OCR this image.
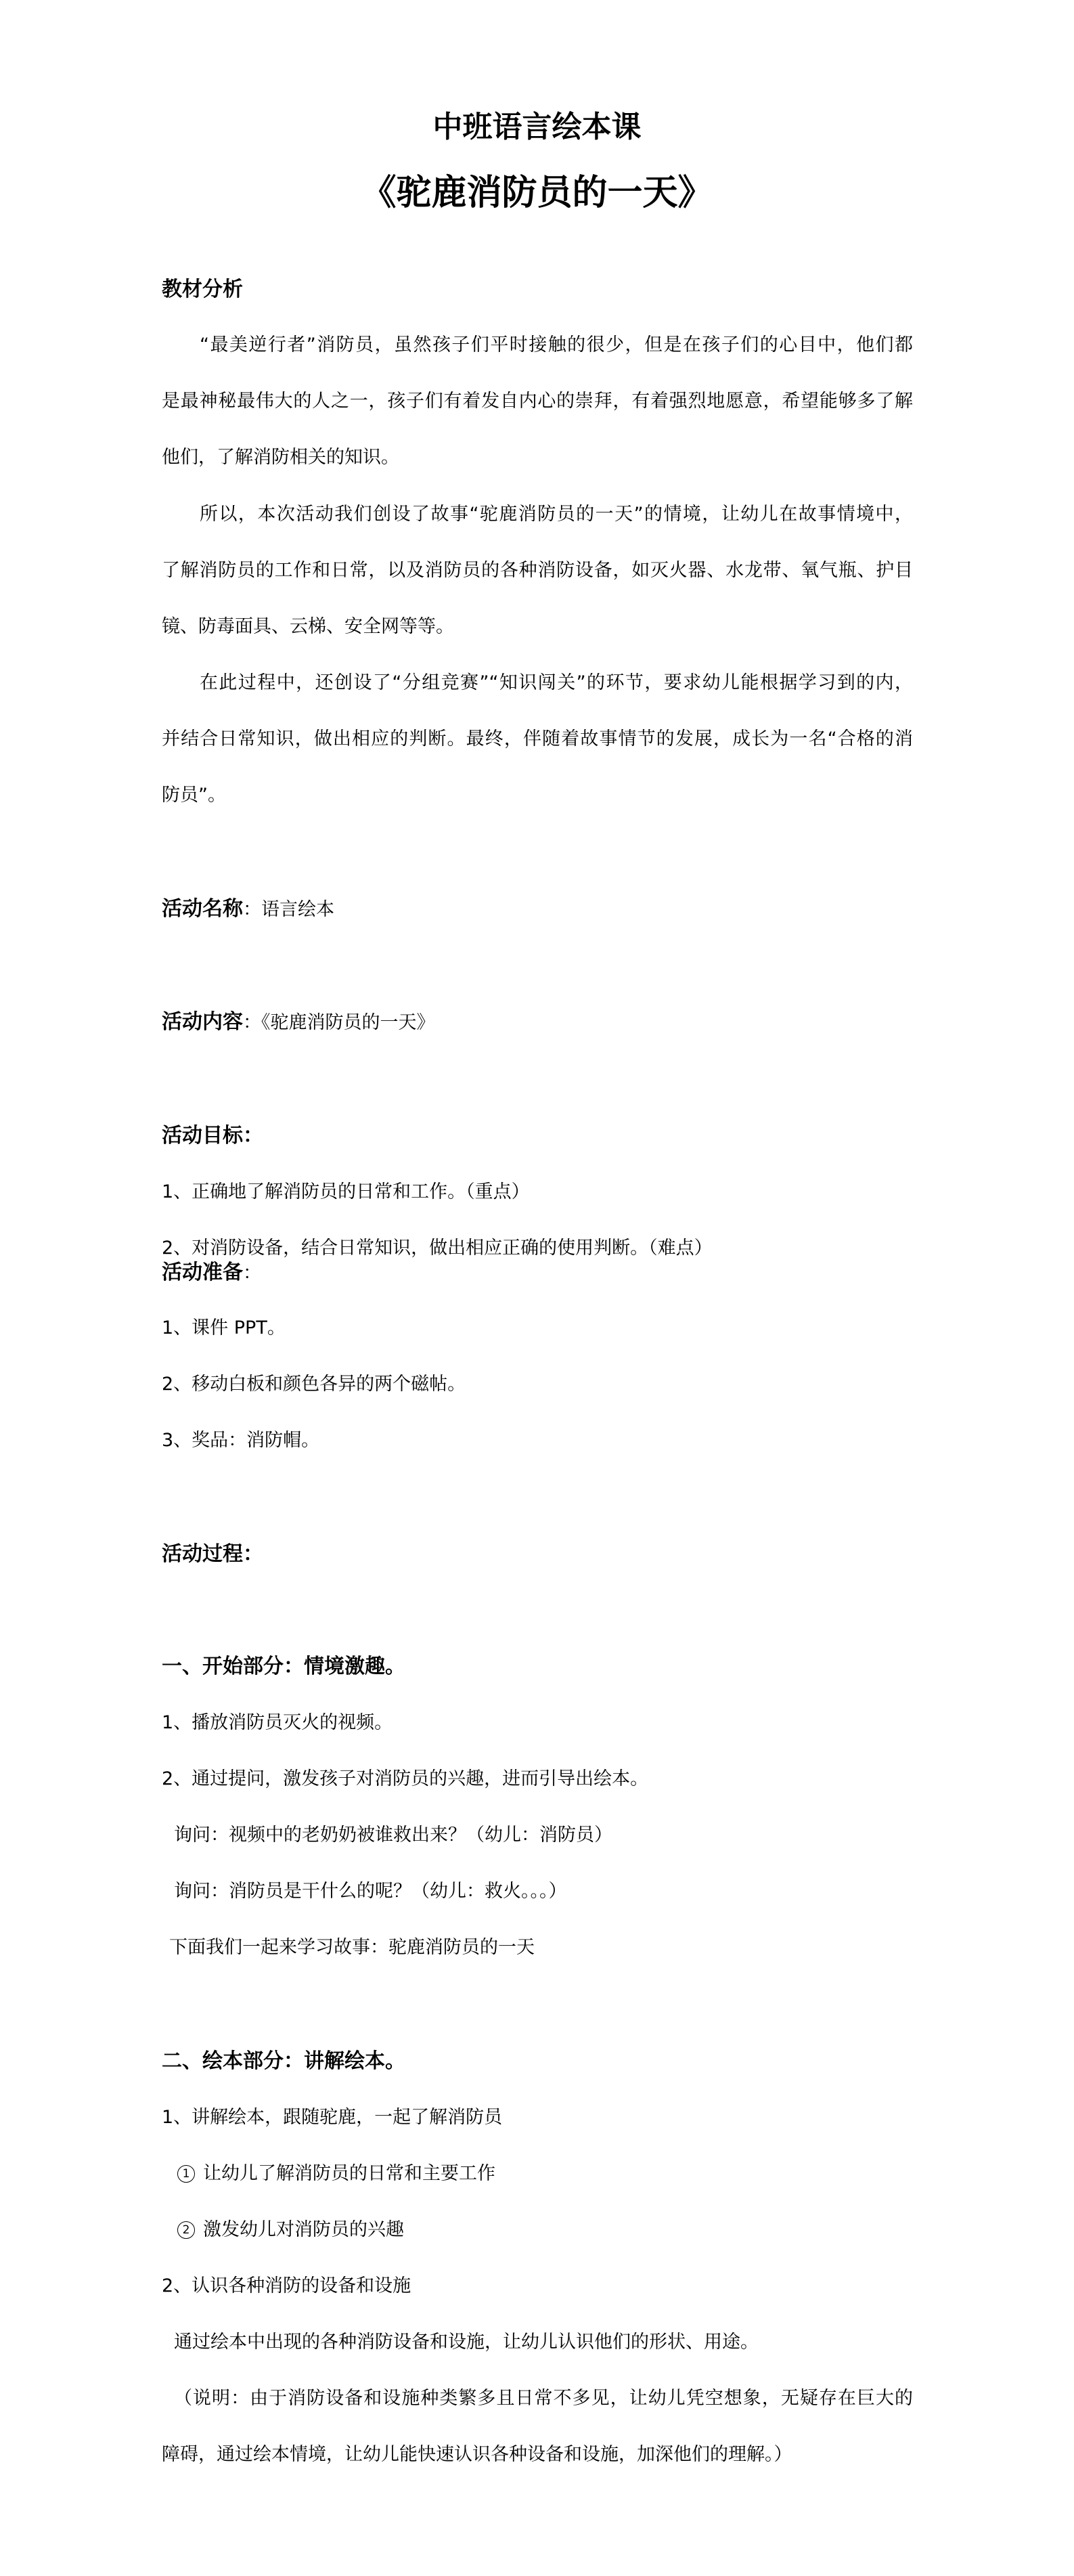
中班语言绘本课
《驼鹿消防员的一天》
教材分析
“最美逆行者”消防员，虽然孩子们平时接触的很少，但是在孩子们的心目中，他们都
是最神秘最伟大的人之一，孩子们有着发自内心的崇拜，有着强烈地愿意，希望能够多了解
他们，了解消防相关的知识。
所以，本次活动我们创设了故事“驼鹿消防员的一天”的情境，让幼儿在故事情境中，
了解消防员的工作和日常，以及消防员的各种消防设备，如灭火器、水龙带、氧气瓶、护目
镜、防毒面具、云梯、安全网等等。
在此过程中，还创设了“分组竞赛”“知识闯关”的环节，要求幼儿能根据学习到的内，
并结合日常知识，做出相应的判断。最终，伴随着故事情节的发展，成长为一名“合格的消
防员”。
活动名称：语言绘本
活动内容：《驼鹿消防员的一天》
活动目标：
1、正确地了解消防员的日常和工作。（重点）
2、对消防设备，结合日常知识，做出相应正确的使用判断。（难点）
活动准备：
1、课件 PPT。
2、移动白板和颜色各异的两个磁帖。
3、奖品：消防帽。
活动过程：
一、开始部分：情境激趣。
1、播放消防员灭火的视频。
2、通过提问，激发孩子对消防员的兴趣，进而引导出绘本。
询问：视频中的老奶奶被谁救出来？（幼儿：消防员）
询问：消防员是干什么的呢？（幼儿：救火。。。）
下面我们一起来学习故事：驼鹿消防员的一天
二、绘本部分：讲解绘本。
1、讲解绘本，跟随驼鹿，一起了解消防员
1 让幼儿了解消防员的日常和主要工作
2 激发幼儿对消防员的兴趣
2、认识各种消防的设备和设施
通过绘本中出现的各种消防设备和设施，让幼儿认识他们的形状、用途。
（说明：由于消防设备和设施种类繁多且日常不多见，让幼儿凭空想象，无疑存在巨大的
障碍，通过绘本情境，让幼儿能快速认识各种设备和设施，加深他们的理解。）
